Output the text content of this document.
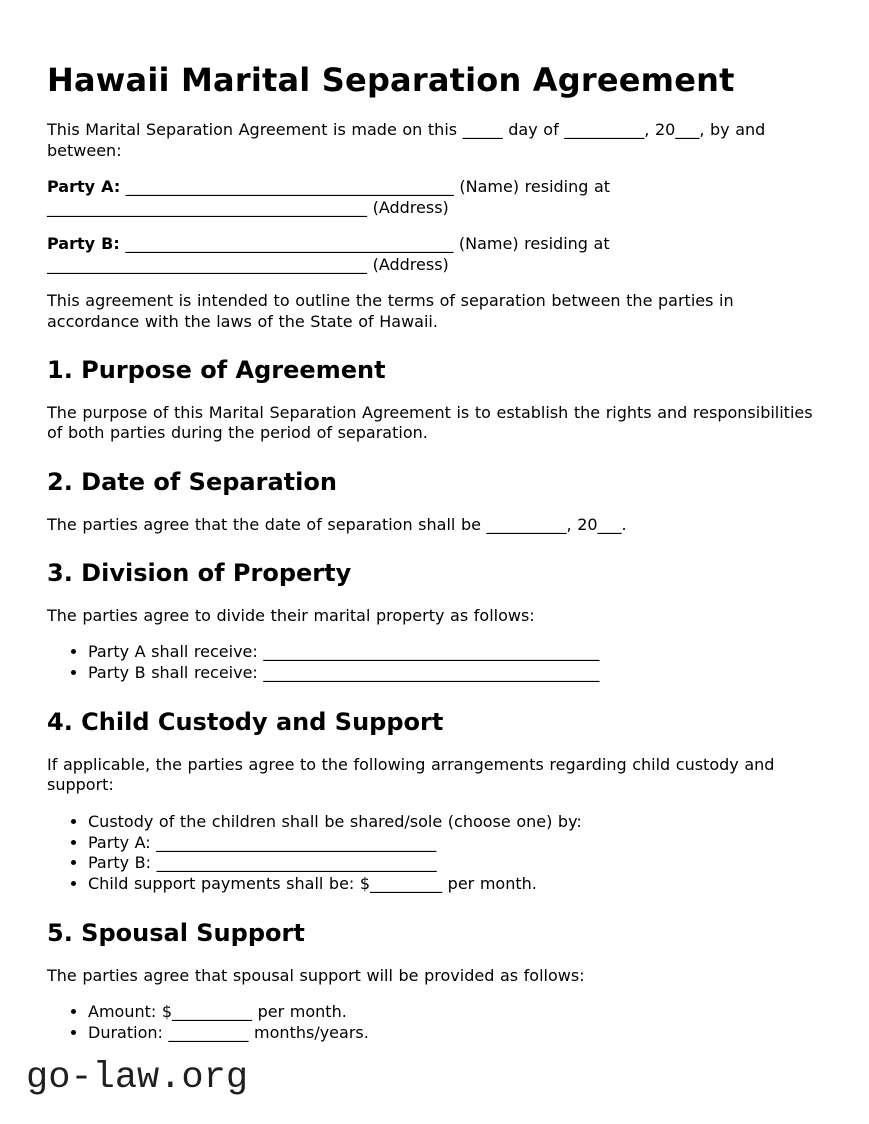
Hawaii Marital Separation Agreement

This Marital Separation Agreement is made on this _____ day of __________, 20___, by and between:

Party A: _________________________________________ (Name) residing at ________________________________________ (Address)

Party B: _________________________________________ (Name) residing at ________________________________________ (Address)

This agreement is intended to outline the terms of separation between the parties in accordance with the laws of the State of Hawaii.

1. Purpose of Agreement

The purpose of this Marital Separation Agreement is to establish the rights and responsibilities of both parties during the period of separation.

2. Date of Separation

The parties agree that the date of separation shall be __________, 20___.

3. Division of Property

The parties agree to divide their marital property as follows:

• Party A shall receive: __________________________________________
• Party B shall receive: __________________________________________
4. Child Custody and Support

If applicable, the parties agree to the following arrangements regarding child custody and support:

• Custody of the children shall be shared/sole (choose one) by:
• Party A: ___________________________________
• Party B: ___________________________________
• Child support payments shall be: $_________ per month.
5. Spousal Support

The parties agree that spousal support will be provided as follows:

• Amount: $__________ per month.
• Duration: __________ months/years.
go-law.org
